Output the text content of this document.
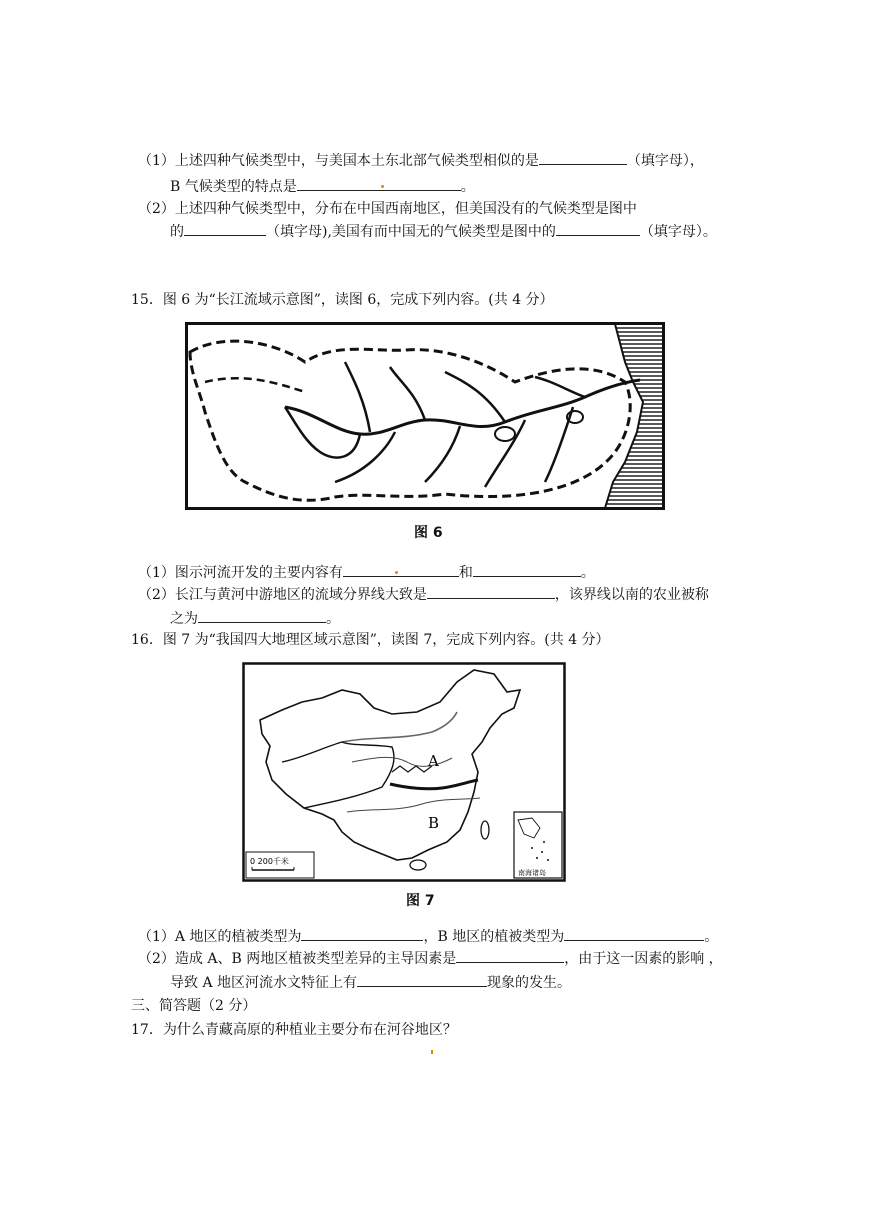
（1）上述四种气候类型中，与美国本土东北部气候类型相似的是	（填字母），
B 气候类型的特点是	。
（2）上述四种气候类型中，分布在中国西南地区，但美国没有的气候类型是图中
的	（填字母),美国有而中国无的气候类型是图中的	（填字母）。
15．图 6 为“长江流域示意图”，读图 6，完成下列内容。(共 4 分）
图 6
（1）图示河流开发的主要内容有	和	。
（2）长江与黄河中游地区的流域分界线大致是	，该界线以南的农业被称
之为	。
16．图 7 为“我国四大地理区域示意图”，读图 7，完成下列内容。(共 4 分）
A
B
0 200千米
南海诸岛
图 7
（1）A 地区的植被类型为	，B 地区的植被类型为	。
（2）造成 A、B 两地区植被类型差异的主导因素是	，由于这一因素的影响 ，
导致 A 地区河流水文特征上有	现象的发生。
三、简答题（2 分）
17．为什么青藏高原的种植业主要分布在河谷地区？
